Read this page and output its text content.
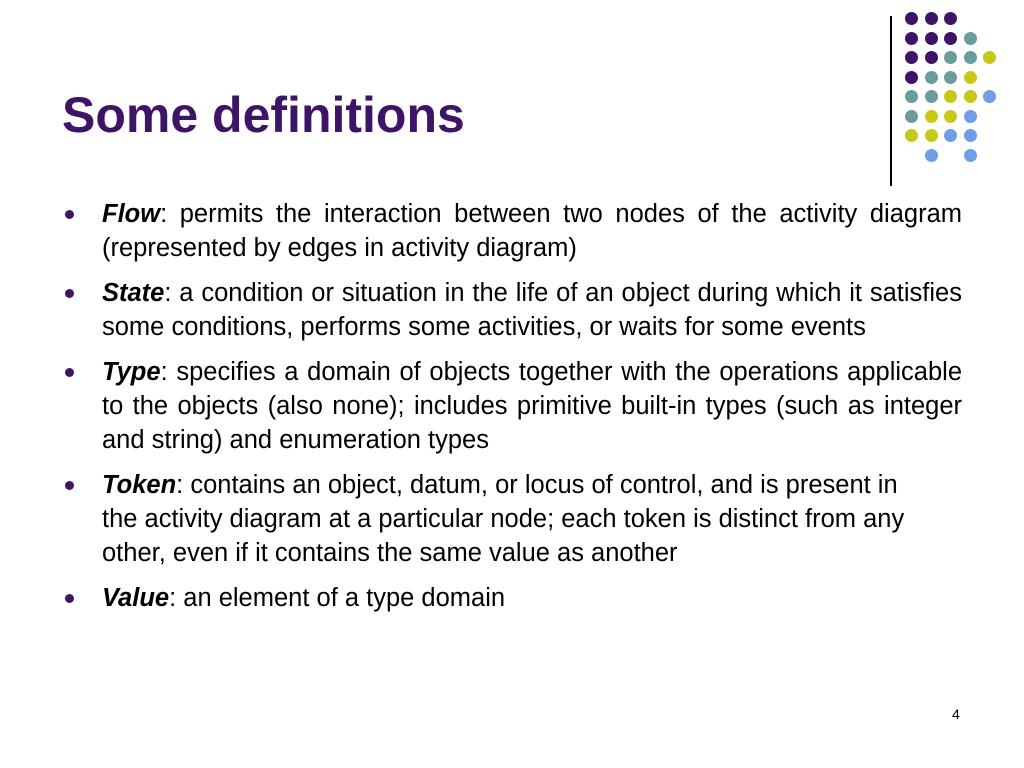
Some definitions
Flow: permits the interaction between two nodes of the activity diagram (represented by edges in activity diagram)
State: a condition or situation in the life of an object during which it satisfies some conditions, performs some activities, or waits for some events
Type: specifies a domain of objects together with the operations applicable to the objects (also none); includes primitive built-in types (such as integer and string) and enumeration types
Token: contains an object, datum, or locus of control, and is present in the activity diagram at a particular node; each token is distinct from any other, even if it contains the same value as another
Value: an element of a type domain
4
